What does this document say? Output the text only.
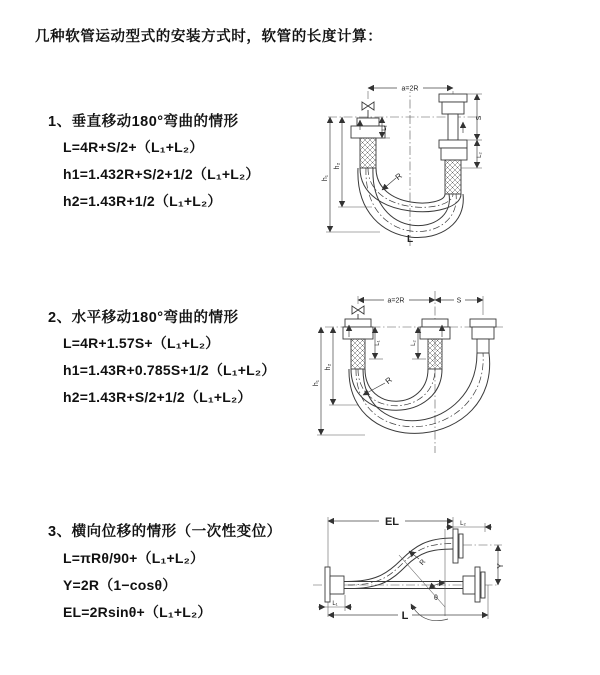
几种软管运动型式的安装方式时，软管的长度计算：
1、垂直移动180°弯曲的情形
L=4R+S/2+（L₁+L₂）
h1=1.432R+S/2+1/2（L₁+L₂）
h2=1.43R+1/2（L₁+L₂）
a=2R
R
h₁
h₂
L₁
S
L₂
L
2、水平移动180°弯曲的情形
L=4R+1.57S+（L₁+L₂）
h1=1.43R+0.785S+1/2（L₁+L₂）
h2=1.43R+S/2+1/2（L₁+L₂）
a=2R	S
L₁	L₂
h₁
h₂
R
3、横向位移的情形（一次性变位）
L=πRθ/90+（L₁+L₂）
Y=2R（1−cosθ）
EL=2Rsinθ+（L₁+L₂）
EL	L₂
Y
R
θ
L
L₁
